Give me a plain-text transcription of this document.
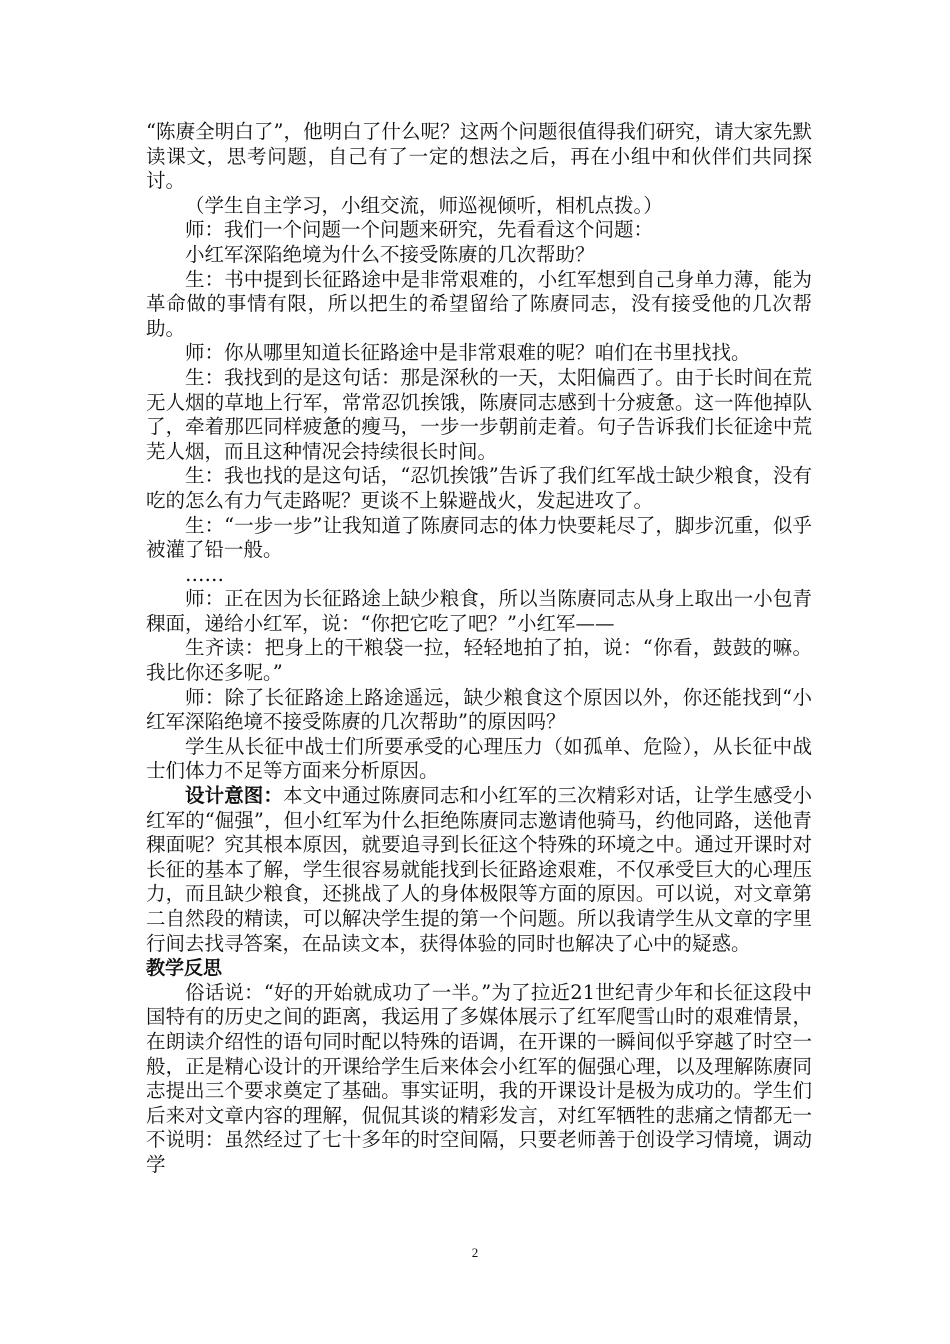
“陈赓全明白了”，他明白了什么呢？这两个问题很值得我们研究，请大家先默读课文，思考问题，自己有了一定的想法之后，再在小组中和伙伴们共同探讨。

（学生自主学习，小组交流，师巡视倾听，相机点拨。）

师：我们一个问题一个问题来研究，先看看这个问题：

小红军深陷绝境为什么不接受陈赓的几次帮助？

生：书中提到长征路途中是非常艰难的，小红军想到自己身单力薄，能为革命做的事情有限，所以把生的希望留给了陈赓同志，没有接受他的几次帮助。

师：你从哪里知道长征路途中是非常艰难的呢？咱们在书里找找。

生：我找到的是这句话：那是深秋的一天，太阳偏西了。由于长时间在荒无人烟的草地上行军，常常忍饥挨饿，陈赓同志感到十分疲惫。这一阵他掉队了，牵着那匹同样疲惫的瘦马，一步一步朝前走着。句子告诉我们长征途中荒芜人烟，而且这种情况会持续很长时间。

生：我也找的是这句话，“忍饥挨饿”告诉了我们红军战士缺少粮食，没有吃的怎么有力气走路呢？更谈不上躲避战火，发起进攻了。

生：“一步一步”让我知道了陈赓同志的体力快要耗尽了，脚步沉重，似乎被灌了铅一般。

……

师：正在因为长征路途上缺少粮食，所以当陈赓同志从身上取出一小包青稞面，递给小红军，说：“你把它吃了吧？”小红军——

生齐读：把身上的干粮袋一拉，轻轻地拍了拍，说：“你看，鼓鼓的嘛。我比你还多呢。”

师：除了长征路途上路途遥远，缺少粮食这个原因以外，你还能找到“小红军深陷绝境不接受陈赓的几次帮助”的原因吗？

学生从长征中战士们所要承受的心理压力（如孤单、危险），从长征中战士们体力不足等方面来分析原因。

设计意图：本文中通过陈赓同志和小红军的三次精彩对话，让学生感受小红军的“倔强”，但小红军为什么拒绝陈赓同志邀请他骑马，约他同路，送他青稞面呢？究其根本原因，就要追寻到长征这个特殊的环境之中。通过开课时对长征的基本了解，学生很容易就能找到长征路途艰难，不仅承受巨大的心理压力，而且缺少粮食，还挑战了人的身体极限等方面的原因。可以说，对文章第二自然段的精读，可以解决学生提的第一个问题。所以我请学生从文章的字里行间去找寻答案，在品读文本，获得体验的同时也解决了心中的疑惑。

教学反思

俗话说：“好的开始就成功了一半。”为了拉近21世纪青少年和长征这段中国特有的历史之间的距离，我运用了多媒体展示了红军爬雪山时的艰难情景，在朗读介绍性的语句同时配以特殊的语调，在开课的一瞬间似乎穿越了时空一般，正是精心设计的开课给学生后来体会小红军的倔强心理，以及理解陈赓同志提出三个要求奠定了基础。事实证明，我的开课设计是极为成功的。学生们后来对文章内容的理解，侃侃其谈的精彩发言，对红军牺牲的悲痛之情都无一不说明：虽然经过了七十多年的时空间隔，只要老师善于创设学习情境，调动学

2
